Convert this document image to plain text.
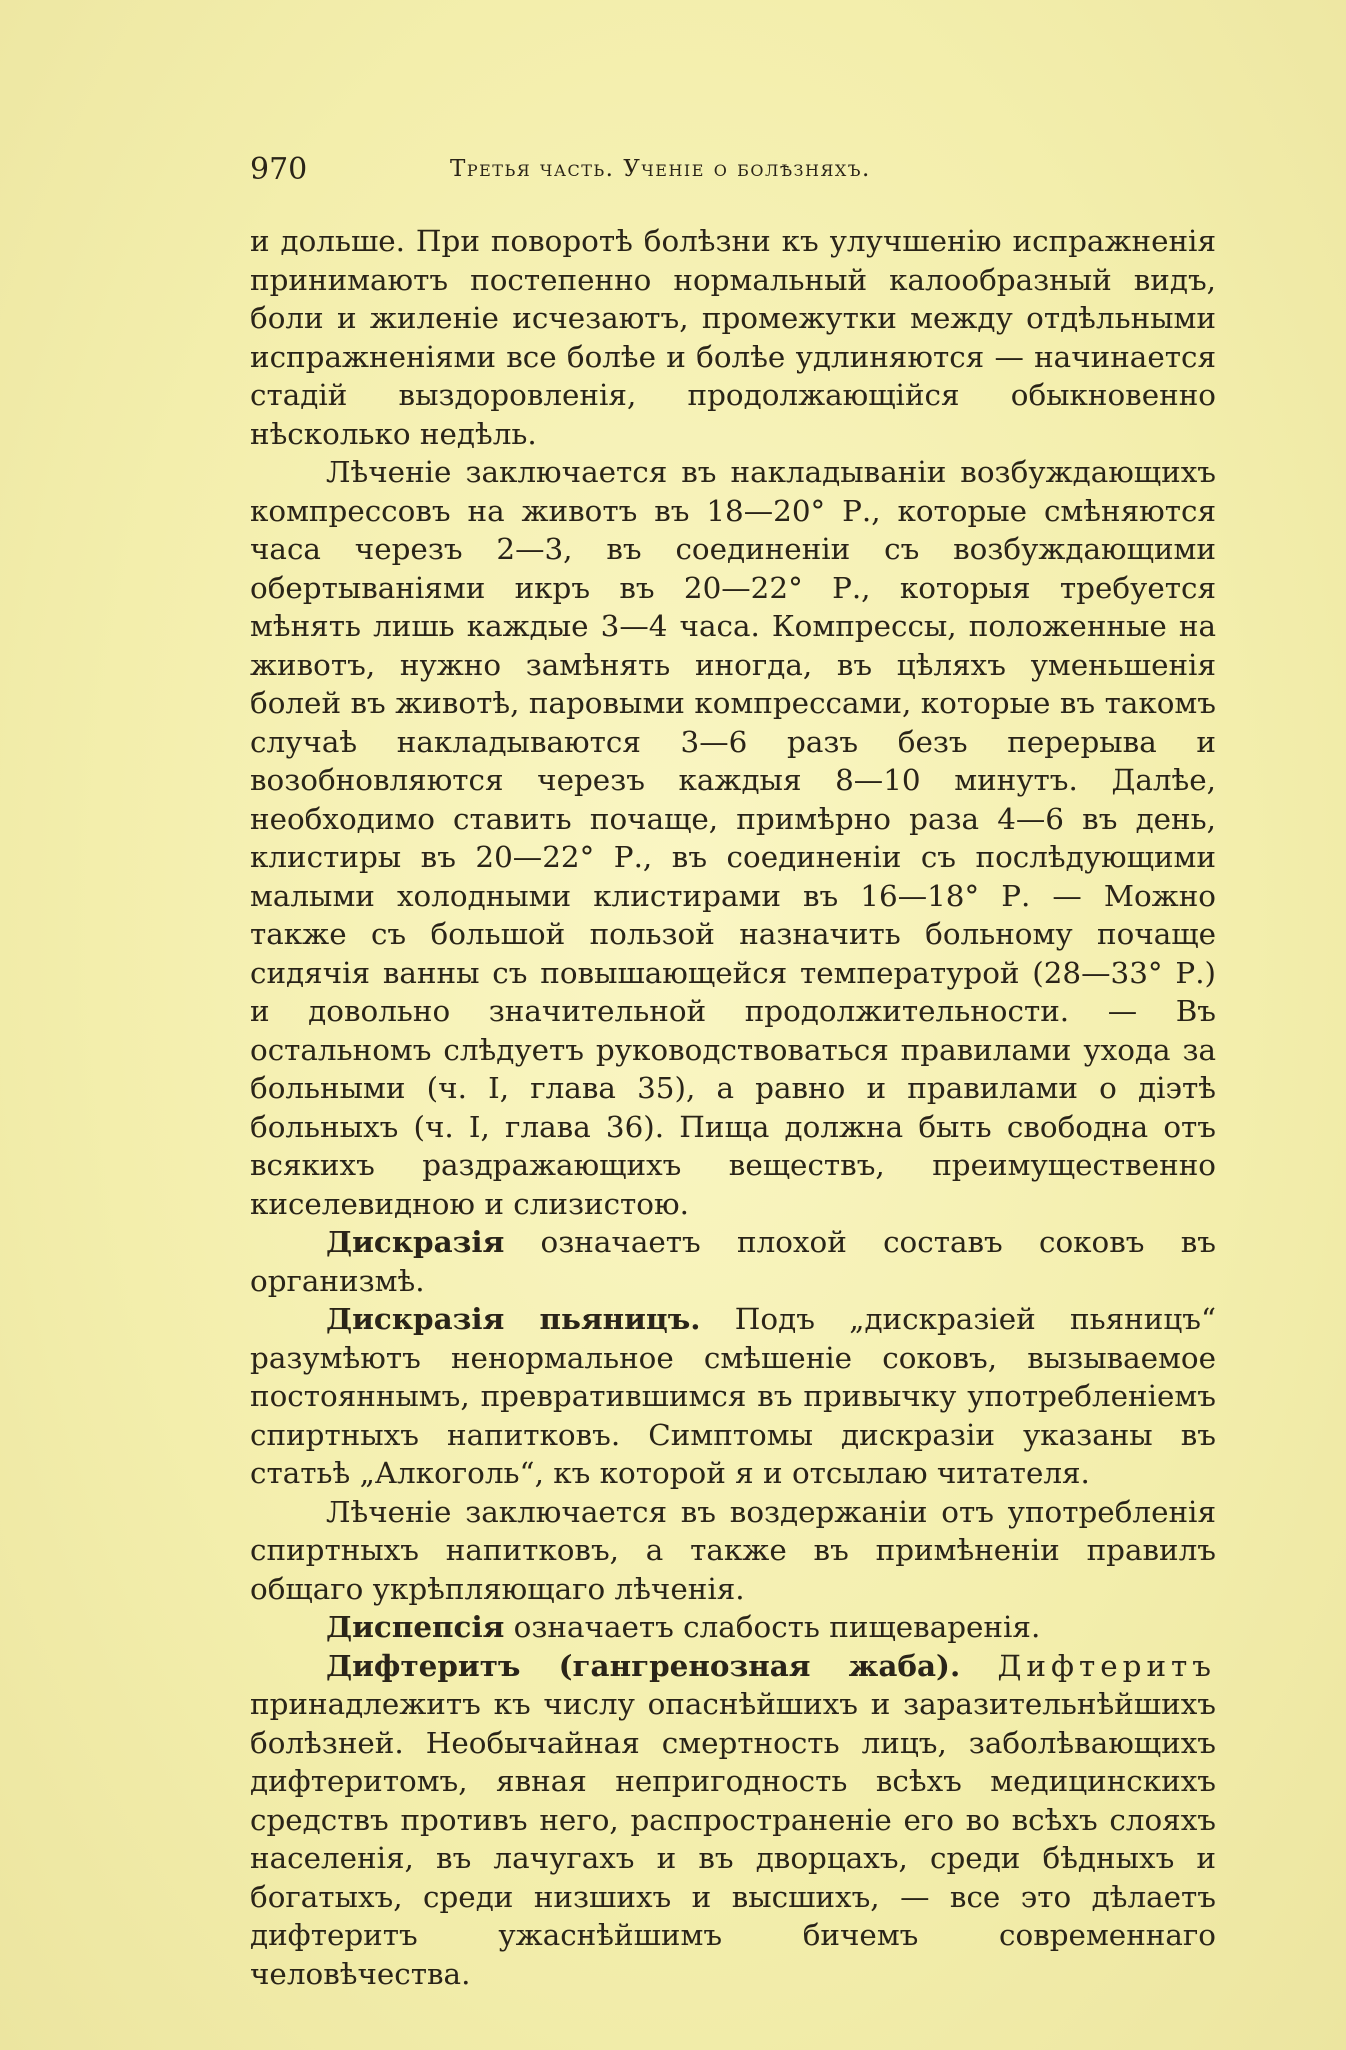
970	Третья часть. Ученіе о болѣзняхъ.

и дольше. При поворотѣ болѣзни къ улучшенію испражненія принимаютъ постепенно нормальный калообразный видъ, боли и жиленіе исчезаютъ, промежутки между отдѣльными испражненіями все болѣе и болѣе удлиняются — начинается стадій выздоровленія, продолжающійся обыкновенно нѣсколько недѣль.

Лѣченіе заключается въ накладываніи возбуждающихъ компрессовъ на животъ въ 18—20° Р., которые смѣняются часа черезъ 2—3, въ соединеніи съ возбуждающими обертываніями икръ въ 20—22° Р., которыя требуется мѣнять лишь каждые 3—4 часа. Компрессы, положенные на животъ, нужно замѣнять иногда, въ цѣляхъ уменьшенія болей въ животѣ, паровыми компрессами, которые въ такомъ случаѣ накладываются 3—6 разъ безъ перерыва и возобновляются черезъ каждыя 8—10 минутъ. Далѣе, необходимо ставить почаще, примѣрно раза 4—6 въ день, клистиры въ 20—22° Р., въ соединеніи съ послѣдующими малыми холодными клистирами въ 16—18° Р. — Можно также съ большой пользой назначить больному почаще сидячія ванны съ повышающейся температурой (28—33° Р.) и довольно значительной продолжительности. — Въ остальномъ слѣдуетъ руководствоваться правилами ухода за больными (ч. I, глава 35), а равно и правилами о діэтѣ больныхъ (ч. I, глава 36). Пища должна быть свободна отъ всякихъ раздражающихъ веществъ, преимущественно киселевидною и слизистою.

Дискразія означаетъ плохой составъ соковъ въ организмѣ.

Дискразія пьяницъ. Подъ „дискразіей пьяницъ“ разумѣютъ ненормальное смѣшеніе соковъ, вызываемое постояннымъ, превратившимся въ привычку употребленіемъ спиртныхъ напитковъ. Симптомы дискразіи указаны въ статьѣ „Алкоголь“, къ которой я и отсылаю читателя.

Лѣченіе заключается въ воздержаніи отъ употребленія спиртныхъ напитковъ, а также въ примѣненіи правилъ общаго укрѣпляющаго лѣченія.

Диспепсія означаетъ слабость пищеваренія.

Дифтеритъ (гангренозная жаба). Дифтеритъ принадлежитъ къ числу опаснѣйшихъ и заразительнѣйшихъ болѣзней. Необычайная смертность лицъ, заболѣвающихъ дифтеритомъ, явная непригодность всѣхъ медицинскихъ средствъ противъ него, распространеніе его во всѣхъ слояхъ населенія, въ лачугахъ и въ дворцахъ, среди бѣдныхъ и богатыхъ, среди низшихъ и высшихъ, — все это дѣлаетъ дифтеритъ ужаснѣйшимъ бичемъ современнаго человѣчества.
